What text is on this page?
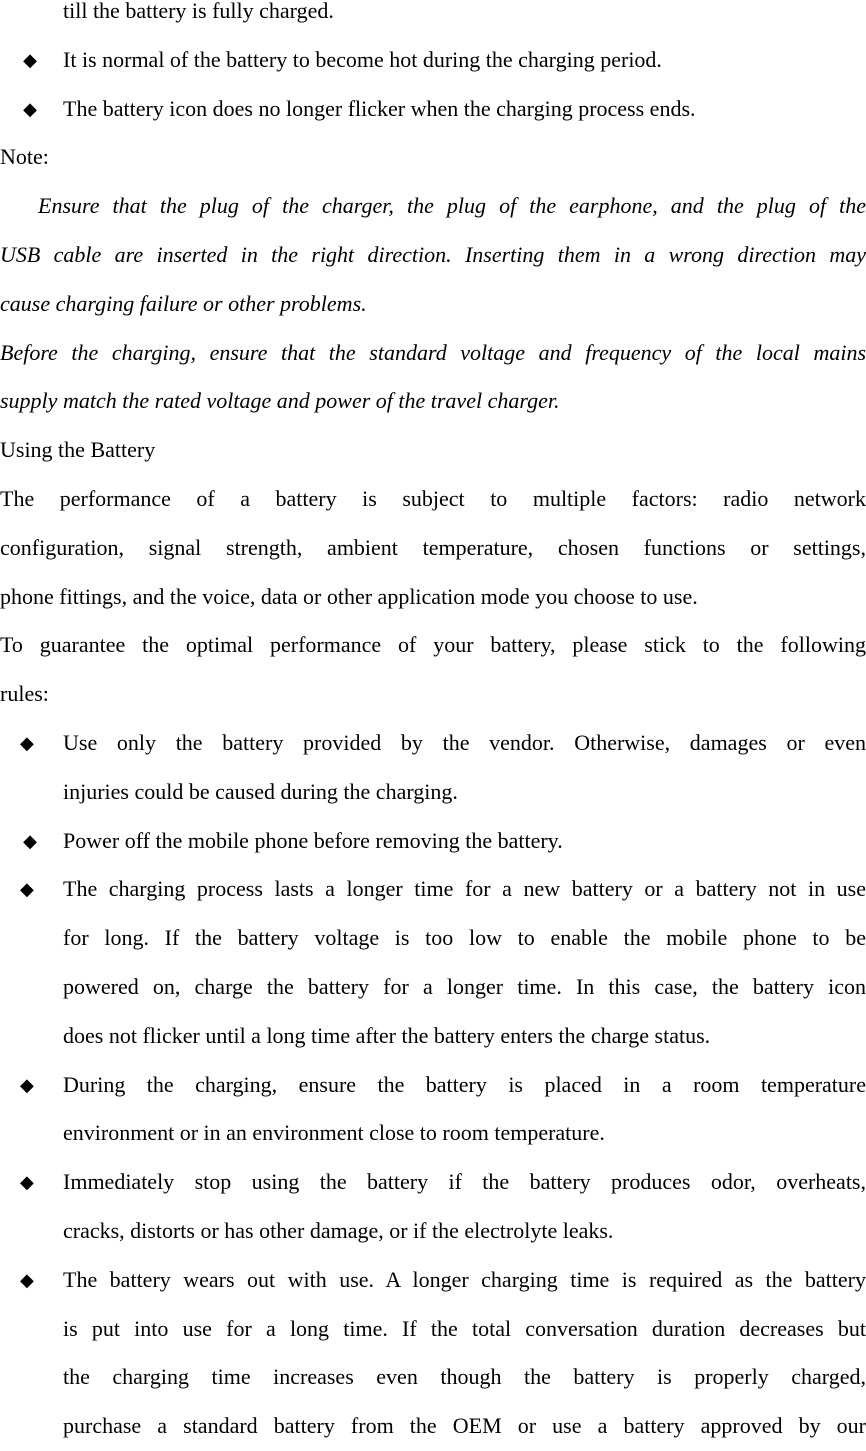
till the battery is fully charged.
◆ It is normal of the battery to become hot during the charging period.
◆ The battery icon does no longer flicker when the charging process ends.
Note:
Ensure that the plug of the charger, the plug of the earphone, and the plug of the
USB cable are inserted in the right direction. Inserting them in a wrong direction may
cause charging failure or other problems.
Before the charging, ensure that the standard voltage and frequency of the local mains
supply match the rated voltage and power of the travel charger.
Using the Battery
The performance of a battery is subject to multiple factors: radio network
configuration, signal strength, ambient temperature, chosen functions or settings,
phone fittings, and the voice, data or other application mode you choose to use.
To guarantee the optimal performance of your battery, please stick to the following
rules:
◆ Use only the battery provided by the vendor. Otherwise, damages or even
injuries could be caused during the charging.
◆ Power off the mobile phone before removing the battery.
◆ The charging process lasts a longer time for a new battery or a battery not in use
for long. If the battery voltage is too low to enable the mobile phone to be
powered on, charge the battery for a longer time. In this case, the battery icon
does not flicker until a long time after the battery enters the charge status.
◆ During the charging, ensure the battery is placed in a room temperature
environment or in an environment close to room temperature.
◆ Immediately stop using the battery if the battery produces odor, overheats,
cracks, distorts or has other damage, or if the electrolyte leaks.
◆ The battery wears out with use. A longer charging time is required as the battery
is put into use for a long time. If the total conversation duration decreases but
the charging time increases even though the battery is properly charged,
purchase a standard battery from the OEM or use a battery approved by our
